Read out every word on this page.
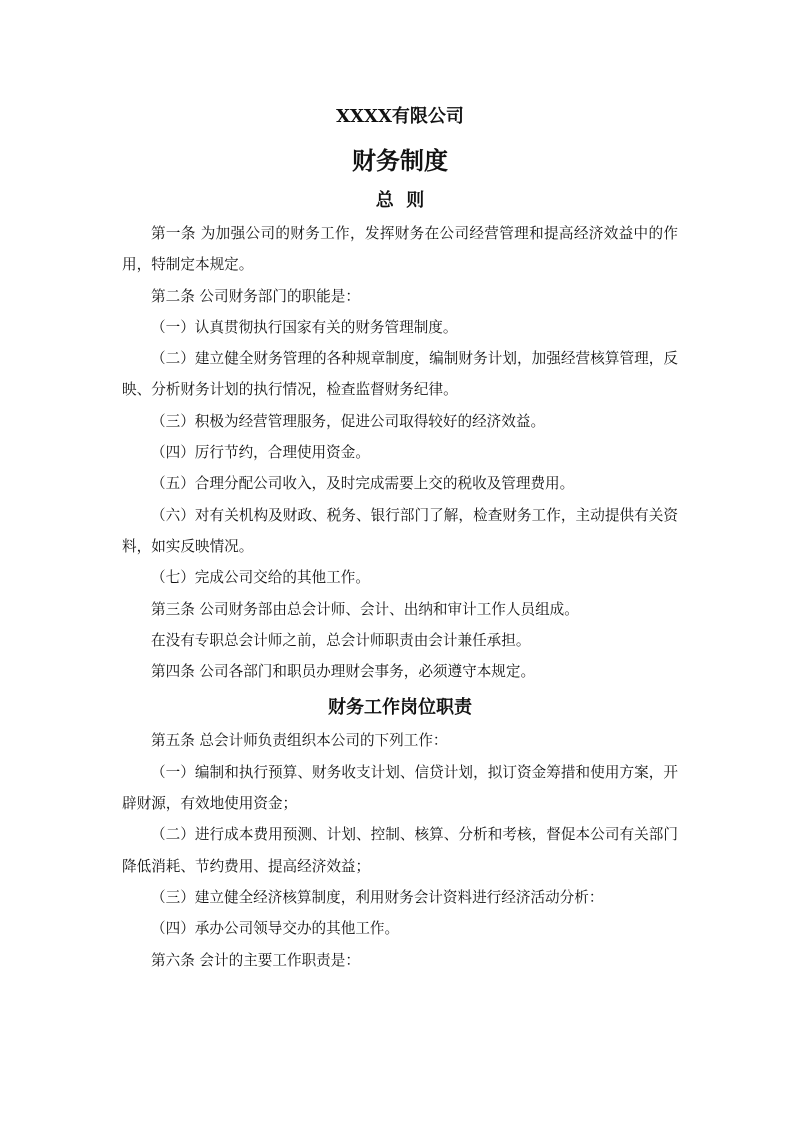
XXXX有限公司
财务制度
总  则

第一条 为加强公司的财务工作，发挥财务在公司经营管理和提高经济效益中的作用，特制定本规定。

第二条 公司财务部门的职能是：

（一）认真贯彻执行国家有关的财务管理制度。

（二）建立健全财务管理的各种规章制度，编制财务计划，加强经营核算管理，反映、分析财务计划的执行情况，检查监督财务纪律。

（三）积极为经营管理服务，促进公司取得较好的经济效益。

（四）厉行节约，合理使用资金。

（五）合理分配公司收入，及时完成需要上交的税收及管理费用。

（六）对有关机构及财政、税务、银行部门了解，检查财务工作，主动提供有关资料，如实反映情况。

（七）完成公司交给的其他工作。

第三条 公司财务部由总会计师、会计、出纳和审计工作人员组成。

在没有专职总会计师之前，总会计师职责由会计兼任承担。

第四条 公司各部门和职员办理财会事务，必须遵守本规定。

财务工作岗位职责

第五条 总会计师负责组织本公司的下列工作：

（一）编制和执行预算、财务收支计划、信贷计划，拟订资金筹措和使用方案，开辟财源，有效地使用资金；

（二）进行成本费用预测、计划、控制、核算、分析和考核，督促本公司有关部门降低消耗、节约费用、提高经济效益；

（三）建立健全经济核算制度，利用财务会计资料进行经济活动分析：

（四）承办公司领导交办的其他工作。

第六条 会计的主要工作职责是：
